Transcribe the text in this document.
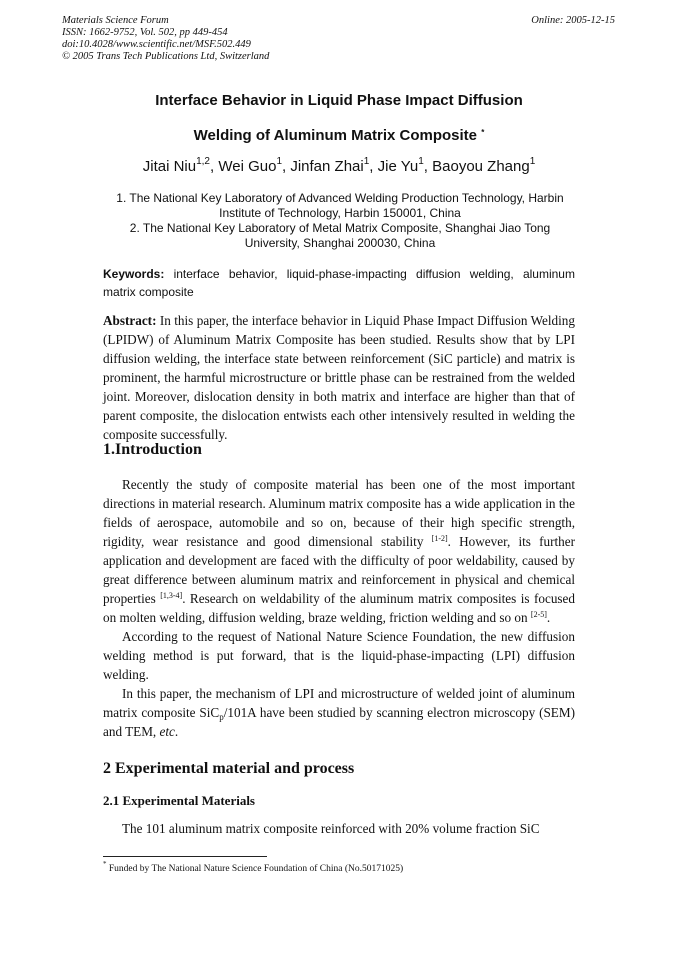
Materials Science Forum
ISSN: 1662-9752, Vol. 502, pp 449-454
doi:10.4028/www.scientific.net/MSF.502.449
© 2005 Trans Tech Publications Ltd, Switzerland
Online: 2005-12-15
Interface Behavior in Liquid Phase Impact Diffusion
Welding of Aluminum Matrix Composite *
Jitai Niu$^{1,2}$, Wei Guo$^1$, Jinfan Zhai$^1$, Jie Yu$^1$, Baoyou Zhang$^1$
1. The National Key Laboratory of Advanced Welding Production Technology, Harbin
Institute of Technology, Harbin 150001, China
2. The National Key Laboratory of Metal Matrix Composite, Shanghai Jiao Tong
University, Shanghai 200030, China
Keywords: interface behavior, liquid-phase-impacting diffusion welding, aluminum matrix composite
Abstract: In this paper, the interface behavior in Liquid Phase Impact Diffusion Welding (LPIDW) of Aluminum Matrix Composite has been studied. Results show that by LPI diffusion welding, the interface state between reinforcement (SiC particle) and matrix is prominent, the harmful microstructure or brittle phase can be restrained from the welded joint. Moreover, dislocation density in both matrix and interface are higher than that of parent composite, the dislocation entwists each other intensively resulted in welding the composite successfully.
1.Introduction
Recently the study of composite material has been one of the most important directions in material research. Aluminum matrix composite has a wide application in the fields of aerospace, automobile and so on, because of their high specific strength, rigidity, wear resistance and good dimensional stability [1-2]. However, its further application and development are faced with the difficulty of poor weldability, caused by great difference between aluminum matrix and reinforcement in physical and chemical properties [1,3-4]. Research on weldability of the aluminum matrix composites is focused on molten welding, diffusion welding, braze welding, friction welding and so on [2-5].
According to the request of National Nature Science Foundation, the new diffusion welding method is put forward, that is the liquid-phase-impacting (LPI) diffusion welding.
In this paper, the mechanism of LPI and microstructure of welded joint of aluminum matrix composite SiC$_p$/101A have been studied by scanning electron microscopy (SEM) and TEM, etc.
2 Experimental material and process
2.1 Experimental Materials
The 101 aluminum matrix composite reinforced with 20% volume fraction SiC
* Funded by The National Nature Science Foundation of China (No.50171025)
